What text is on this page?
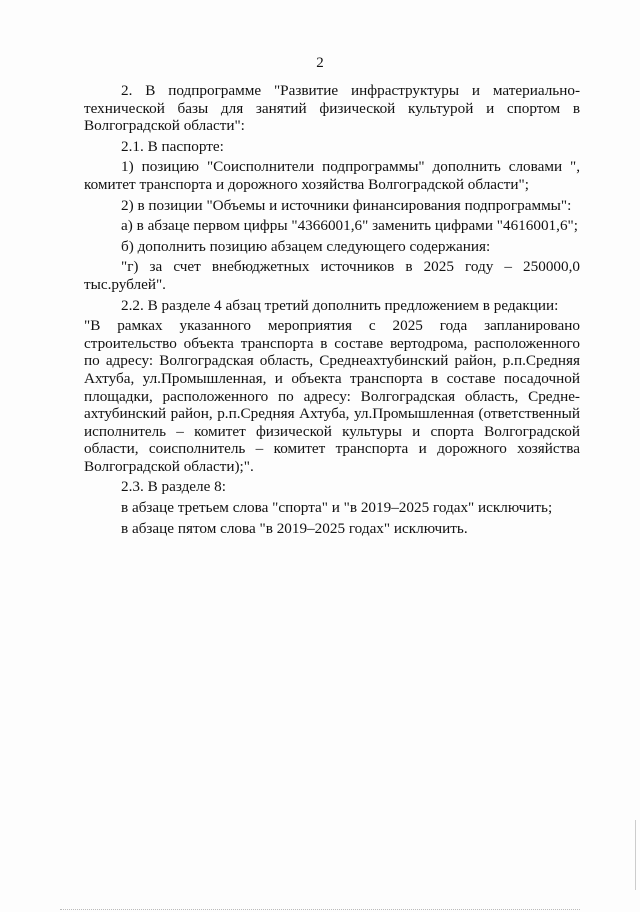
2

2. В подпрограмме "Развитие инфраструктуры и материально-технической базы для занятий физической культурой и спортом в Волгоградской области":

2.1. В паспорте:

1) позицию "Соисполнители подпрограммы" дополнить словами ", комитет транспорта и дорожного хозяйства Волгоградской области";

2) в позиции "Объемы и источники финансирования подпрограммы":

а) в абзаце первом цифры "4366001,6" заменить цифрами "4616001,6";

б) дополнить позицию абзацем следующего содержания:

"г) за счет внебюджетных источников в 2025 году – 250000,0 тыс.рублей".

2.2. В разделе 4 абзац третий дополнить предложением в редакции:

"В рамках указанного мероприятия с 2025 года запланировано строительство объекта транспорта в составе вертодрома, расположенного по адресу: Волгоградская область, Среднеахтубинский район, р.п.Средняя Ахтуба, ул.Промышленная, и объекта транспорта в составе посадочной площадки, расположенного по адресу: Волгоградская область, Средне-ахтубинский район, р.п.Средняя Ахтуба, ул.Промышленная (ответственный исполнитель – комитет физической культуры и спорта Волгоградской области, соисполнитель – комитет транспорта и дорожного хозяйства Волгоградской области);".

2.3. В разделе 8:

в абзаце третьем слова "спорта" и "в 2019–2025 годах" исключить;

в абзаце пятом слова "в 2019–2025 годах" исключить.
